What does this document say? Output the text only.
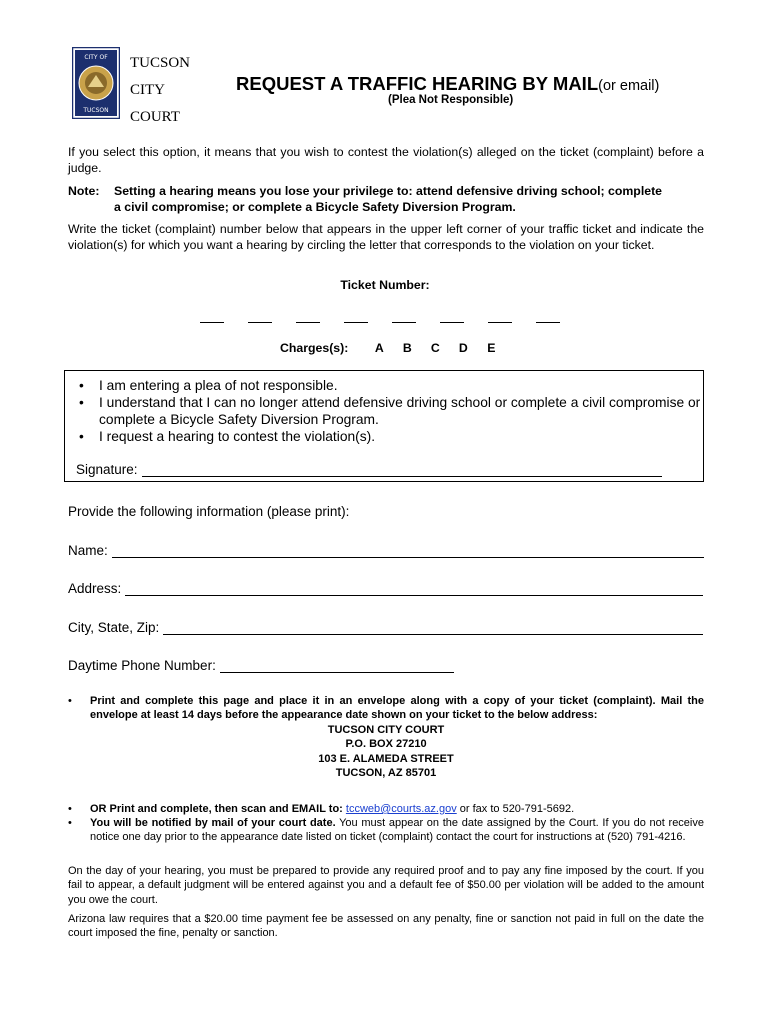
CITY OF
TUCSON
TUCSON
CITY
COURT
REQUEST A TRAFFIC HEARING BY MAIL(or email)
(Plea Not Responsible)
If you select this option, it means that you wish to contest the violation(s) alleged on the ticket (complaint) before a judge.
Note: Setting a hearing means you lose your privilege to: attend defensive driving school; complete
a civil compromise; or complete a Bicycle Safety Diversion Program.
Write the ticket (complaint) number below that appears in the upper left corner of your traffic ticket and indicate the violation(s) for which you want a hearing by circling the letter that corresponds to the violation on your ticket.
Ticket Number:
Charges(s): A B C D E
• I am entering a plea of not responsible.
• I understand that I can no longer attend defensive driving school or complete a civil compromise or complete a Bicycle Safety Diversion Program.
• I request a hearing to contest the violation(s).
Signature:
Provide the following information (please print):
Name:
Address:
City, State, Zip:
Daytime Phone Number:
• Print and complete this page and place it in an envelope along with a copy of your ticket (complaint). Mail the envelope at least 14 days before the appearance date shown on your ticket to the below address:
TUCSON CITY COURT
P.O. BOX 27210
103 E. ALAMEDA STREET
TUCSON, AZ 85701
• OR Print and complete, then scan and EMAIL to: tccweb@courts.az.gov or fax to 520-791-5692.
• You will be notified by mail of your court date. You must appear on the date assigned by the Court. If you do not receive notice one day prior to the appearance date listed on ticket (complaint) contact the court for instructions at (520) 791-4216.
On the day of your hearing, you must be prepared to provide any required proof and to pay any fine imposed by the court. If you fail to appear, a default judgment will be entered against you and a default fee of $50.00 per violation will be added to the amount you owe the court.
Arizona law requires that a $20.00 time payment fee be assessed on any penalty, fine or sanction not paid in full on the date the court imposed the fine, penalty or sanction.
